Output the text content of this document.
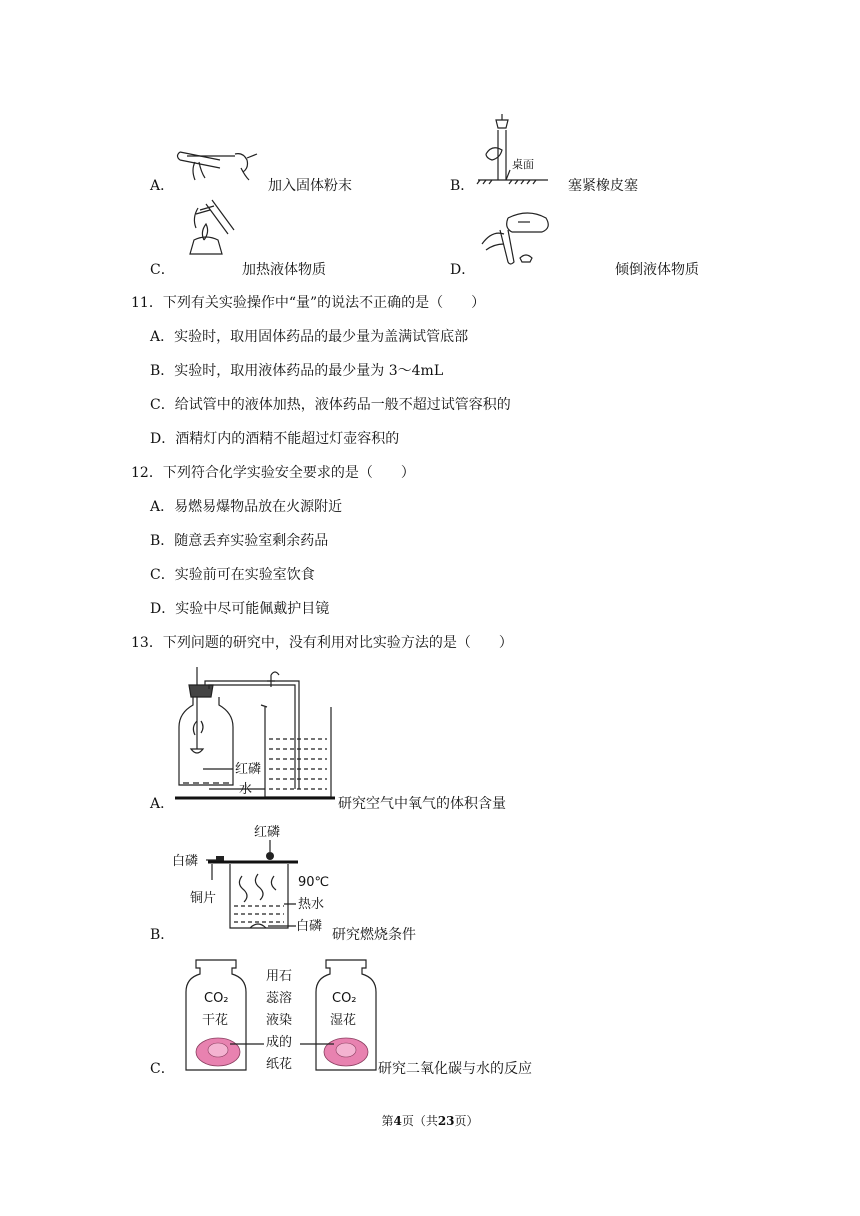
A．	加入固体粉末
桌面
B．	塞紧橡皮塞
C．	加热液体物质	D．	倾倒液体物质
11．下列有关实验操作中“量”的说法不正确的是（　　）
A．实验时，取用固体药品的最少量为盖满试管底部
B．实验时，取用液体药品的最少量为 3～4mL
C．给试管中的液体加热，液体药品一般不超过试管容积的
D．酒精灯内的酒精不能超过灯壶容积的
12．下列符合化学实验安全要求的是（　　）
A．易燃易爆物品放在火源附近
B．随意丢弃实验室剩余药品
C．实验前可在实验室饮食
D．实验中尽可能佩戴护目镜
13．下列问题的研究中，没有利用对比实验方法的是（　　）
红磷
水
A．	研究空气中氧气的体积含量
红磷
白磷
铜片
90℃
热水
白磷
B．	研究燃烧条件
CO₂
干花
CO₂
湿花
用石
蕊溶
液染
成的
纸花
C．	研究二氧化碳与水的反应
第4页（共23页）
